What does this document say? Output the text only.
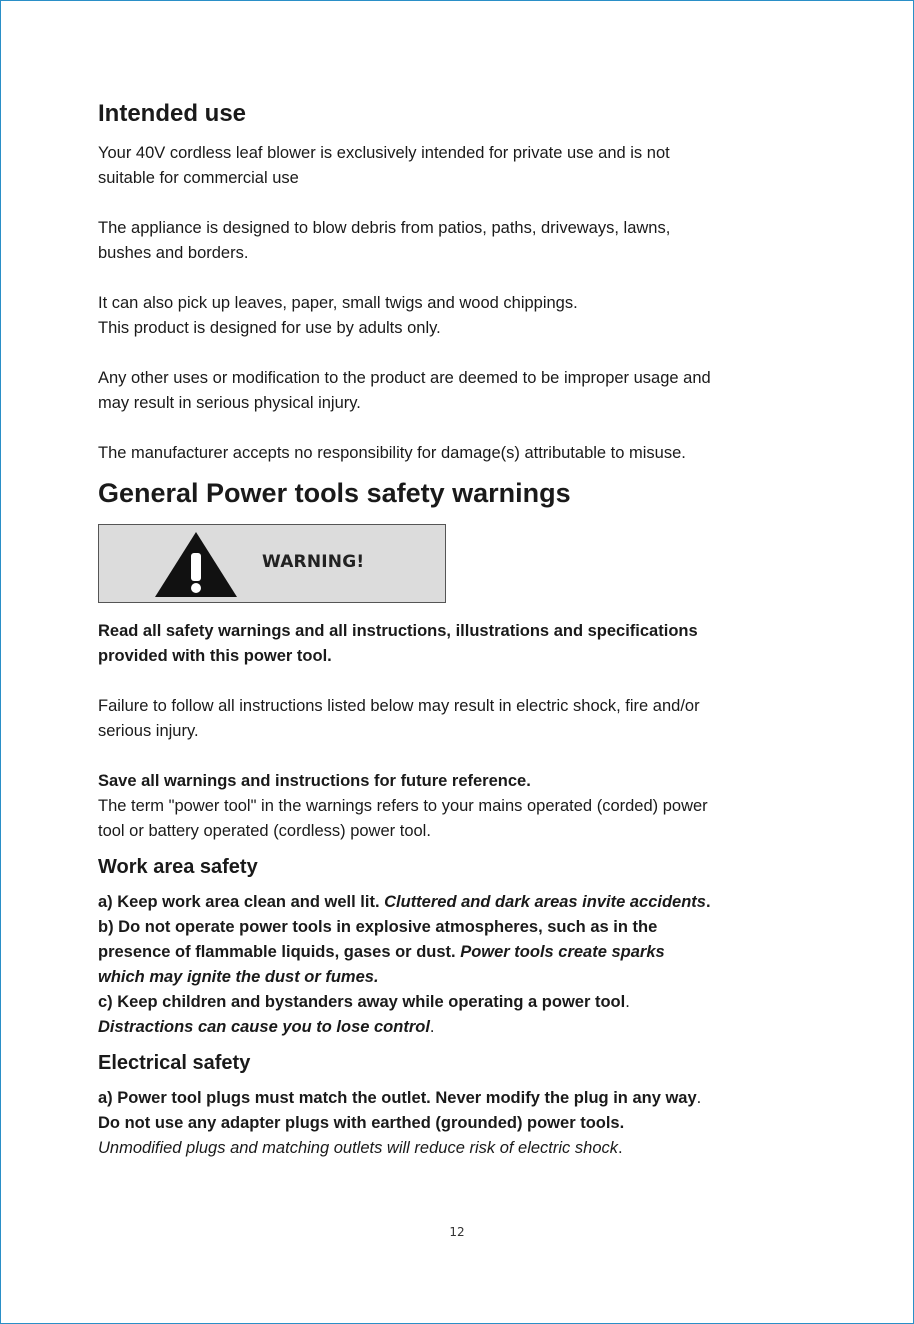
Intended use

Your 40V cordless leaf blower is exclusively intended for private use and is not
suitable for commercial use

The appliance is designed to blow debris from patios, paths, driveways, lawns,
bushes and borders.

It can also pick up leaves, paper, small twigs and wood chippings.
This product is designed for use by adults only.

Any other uses or modification to the product are deemed to be improper usage and
may result in serious physical injury.

The manufacturer accepts no responsibility for damage(s) attributable to misuse.

General Power tools safety warnings
WARNING!

Read all safety warnings and all instructions, illustrations and specifications
provided with this power tool.

Failure to follow all instructions listed below may result in electric shock, fire and/or
serious injury.

Save all warnings and instructions for future reference.
The term "power tool" in the warnings refers to your mains operated (corded) power
tool or battery operated (cordless) power tool.

Work area safety

a) Keep work area clean and well lit. Cluttered and dark areas invite accidents.
b) Do not operate power tools in explosive atmospheres, such as in the
presence of flammable liquids, gases or dust. Power tools create sparks
which may ignite the dust or fumes.
c) Keep children and bystanders away while operating a power tool.
Distractions can cause you to lose control.

Electrical safety

a) Power tool plugs must match the outlet. Never modify the plug in any way.
Do not use any adapter plugs with earthed (grounded) power tools.
Unmodified plugs and matching outlets will reduce risk of electric shock.

12
